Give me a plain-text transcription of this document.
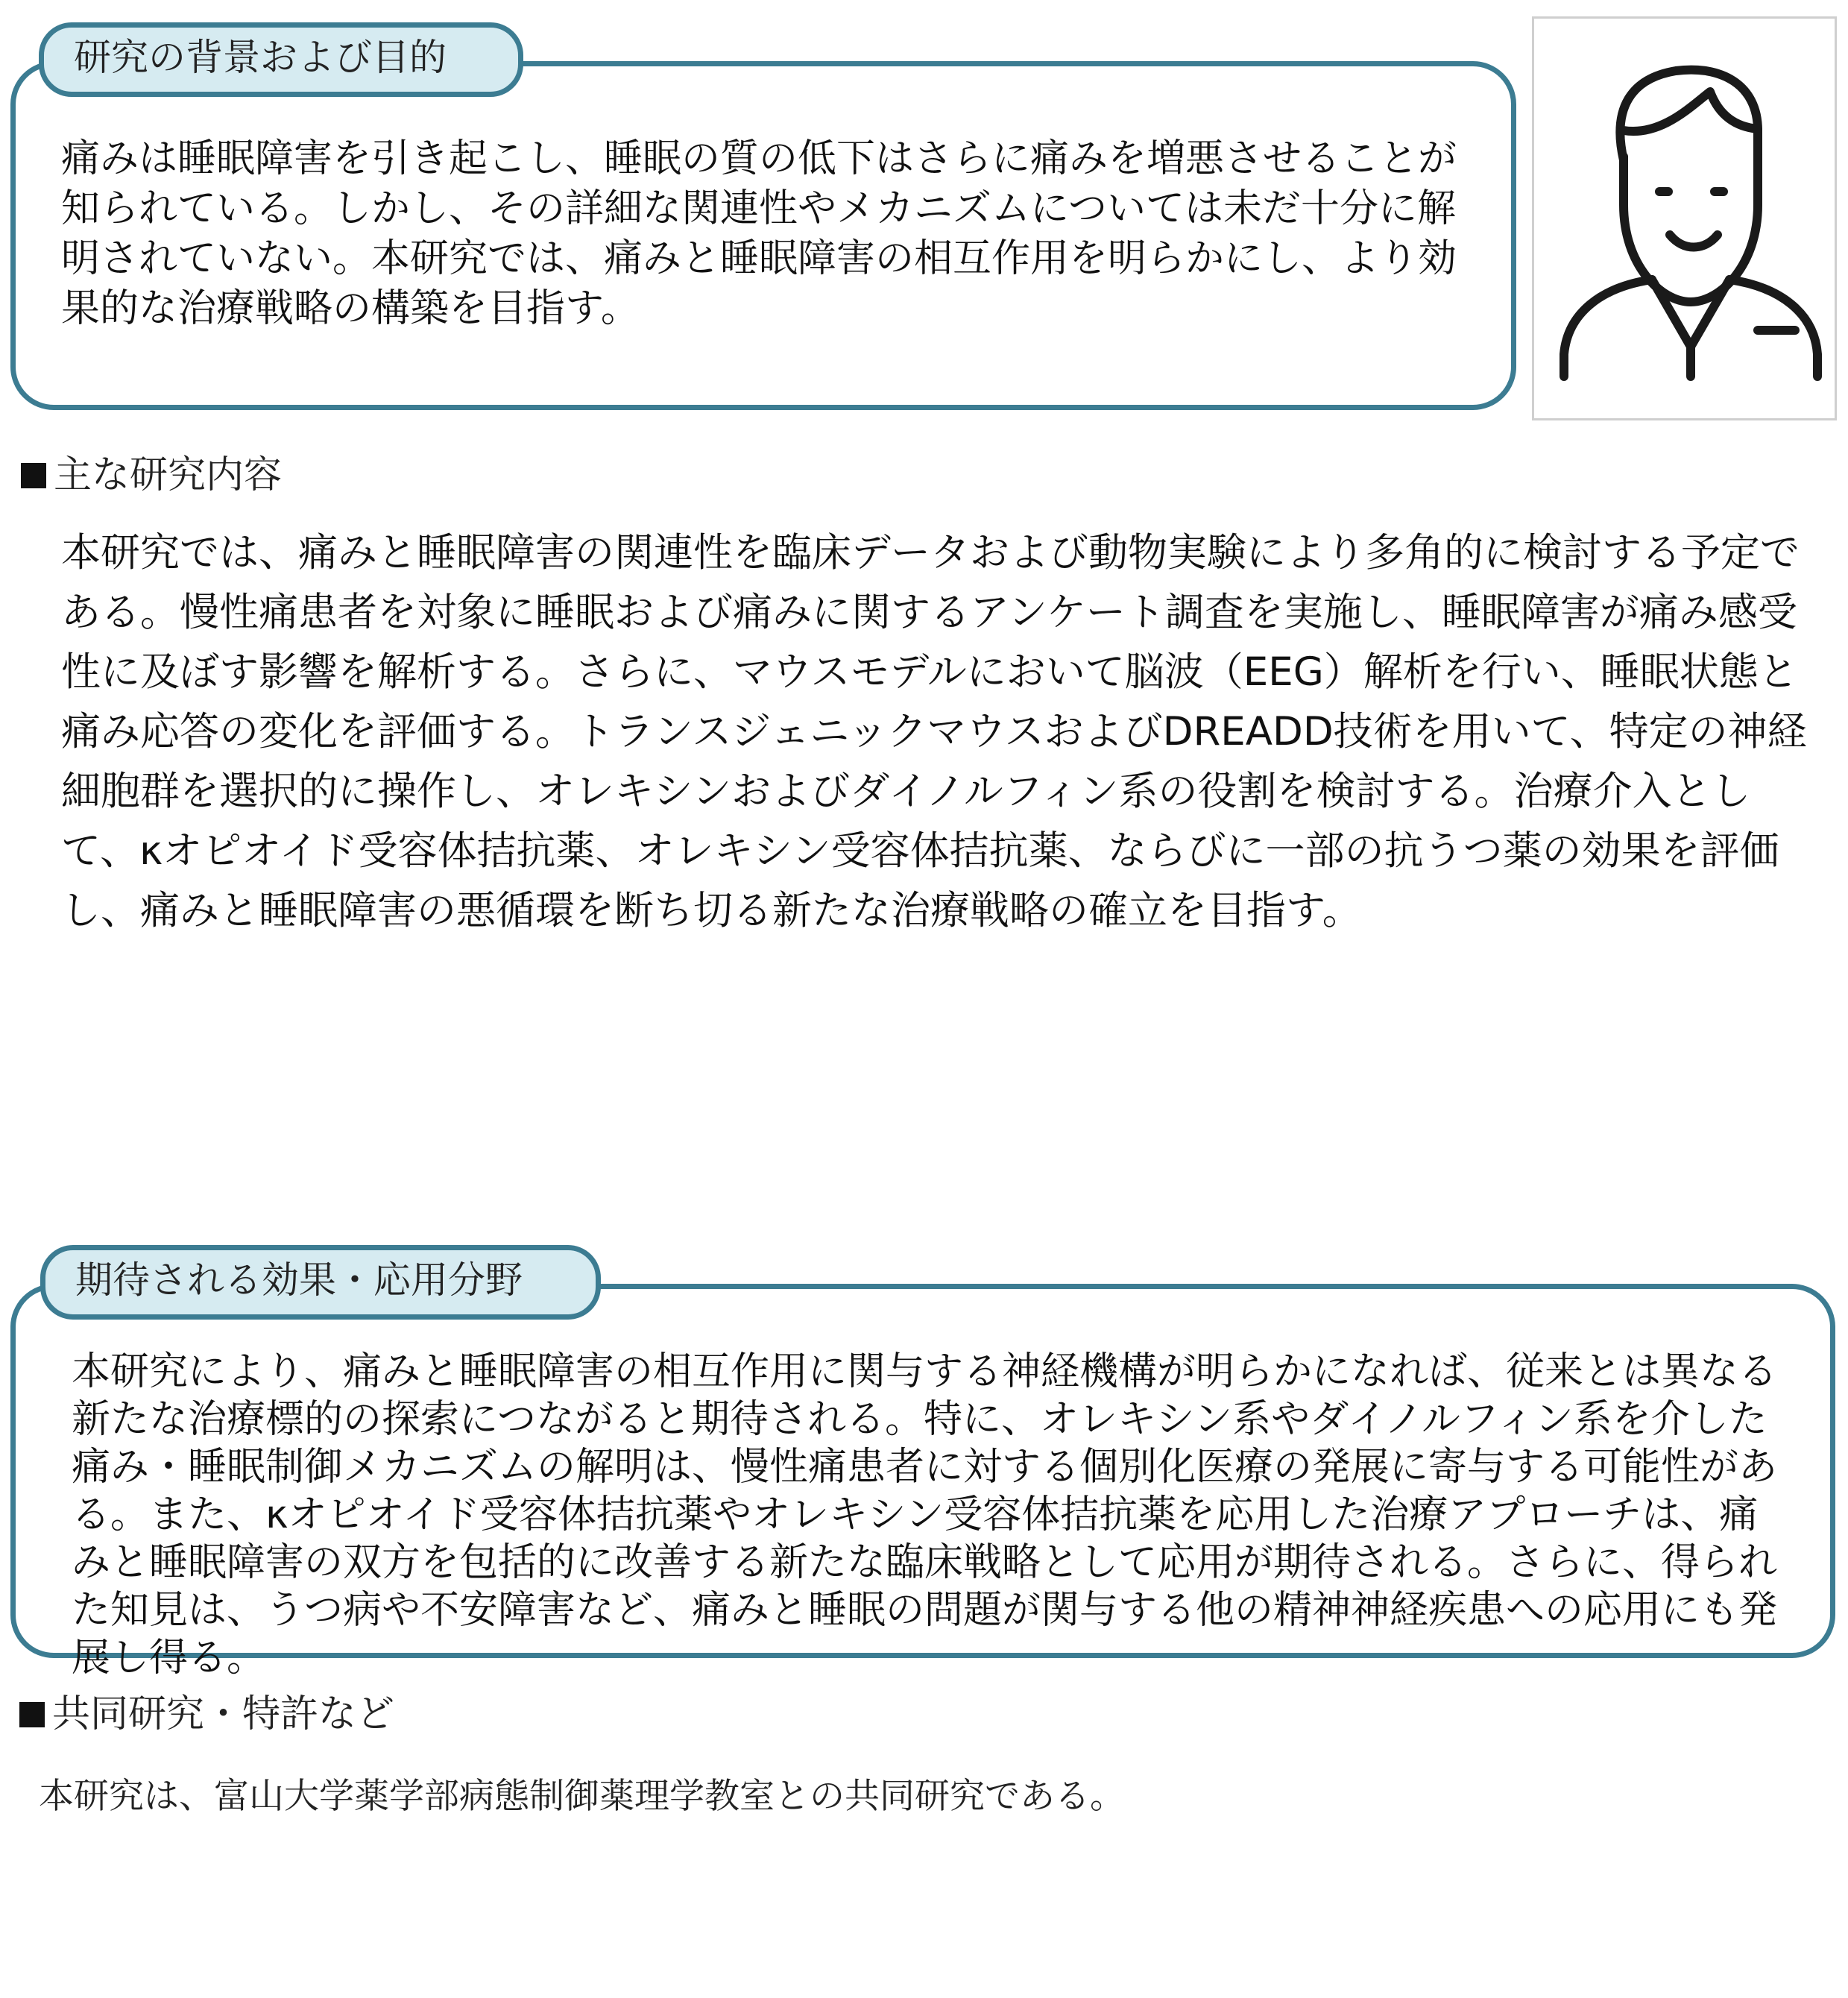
研究の背景および目的
痛みは睡眠障害を引き起こし、睡眠の質の低下はさらに痛みを増悪させることが知られている。しかし、その詳細な関連性やメカニズムについては未だ十分に解明されていない。本研究では、痛みと睡眠障害の相互作用を明らかにし、より効果的な治療戦略の構築を目指す。
主な研究内容
本研究では、痛みと睡眠障害の関連性を臨床データおよび動物実験により多角的に検討する予定である。慢性痛患者を対象に睡眠および痛みに関するアンケート調査を実施し、睡眠障害が痛み感受性に及ぼす影響を解析する。さらに、マウスモデルにおいて脳波（EEG）解析を行い、睡眠状態と痛み応答の変化を評価する。トランスジェニックマウスおよびDREADD技術を用いて、特定の神経細胞群を選択的に操作し、オレキシンおよびダイノルフィン系の役割を検討する。治療介入として、κオピオイド受容体拮抗薬、オレキシン受容体拮抗薬、ならびに一部の抗うつ薬の効果を評価し、痛みと睡眠障害の悪循環を断ち切る新たな治療戦略の確立を目指す。
期待される効果・応用分野
本研究により、痛みと睡眠障害の相互作用に関与する神経機構が明らかになれば、従来とは異なる新たな治療標的の探索につながると期待される。特に、オレキシン系やダイノルフィン系を介した痛み・睡眠制御メカニズムの解明は、慢性痛患者に対する個別化医療の発展に寄与する可能性がある。また、κオピオイド受容体拮抗薬やオレキシン受容体拮抗薬を応用した治療アプローチは、痛みと睡眠障害の双方を包括的に改善する新たな臨床戦略として応用が期待される。さらに、得られた知見は、うつ病や不安障害など、痛みと睡眠の問題が関与する他の精神神経疾患への応用にも発展し得る。
共同研究・特許など
本研究は、富山大学薬学部病態制御薬理学教室との共同研究である。
